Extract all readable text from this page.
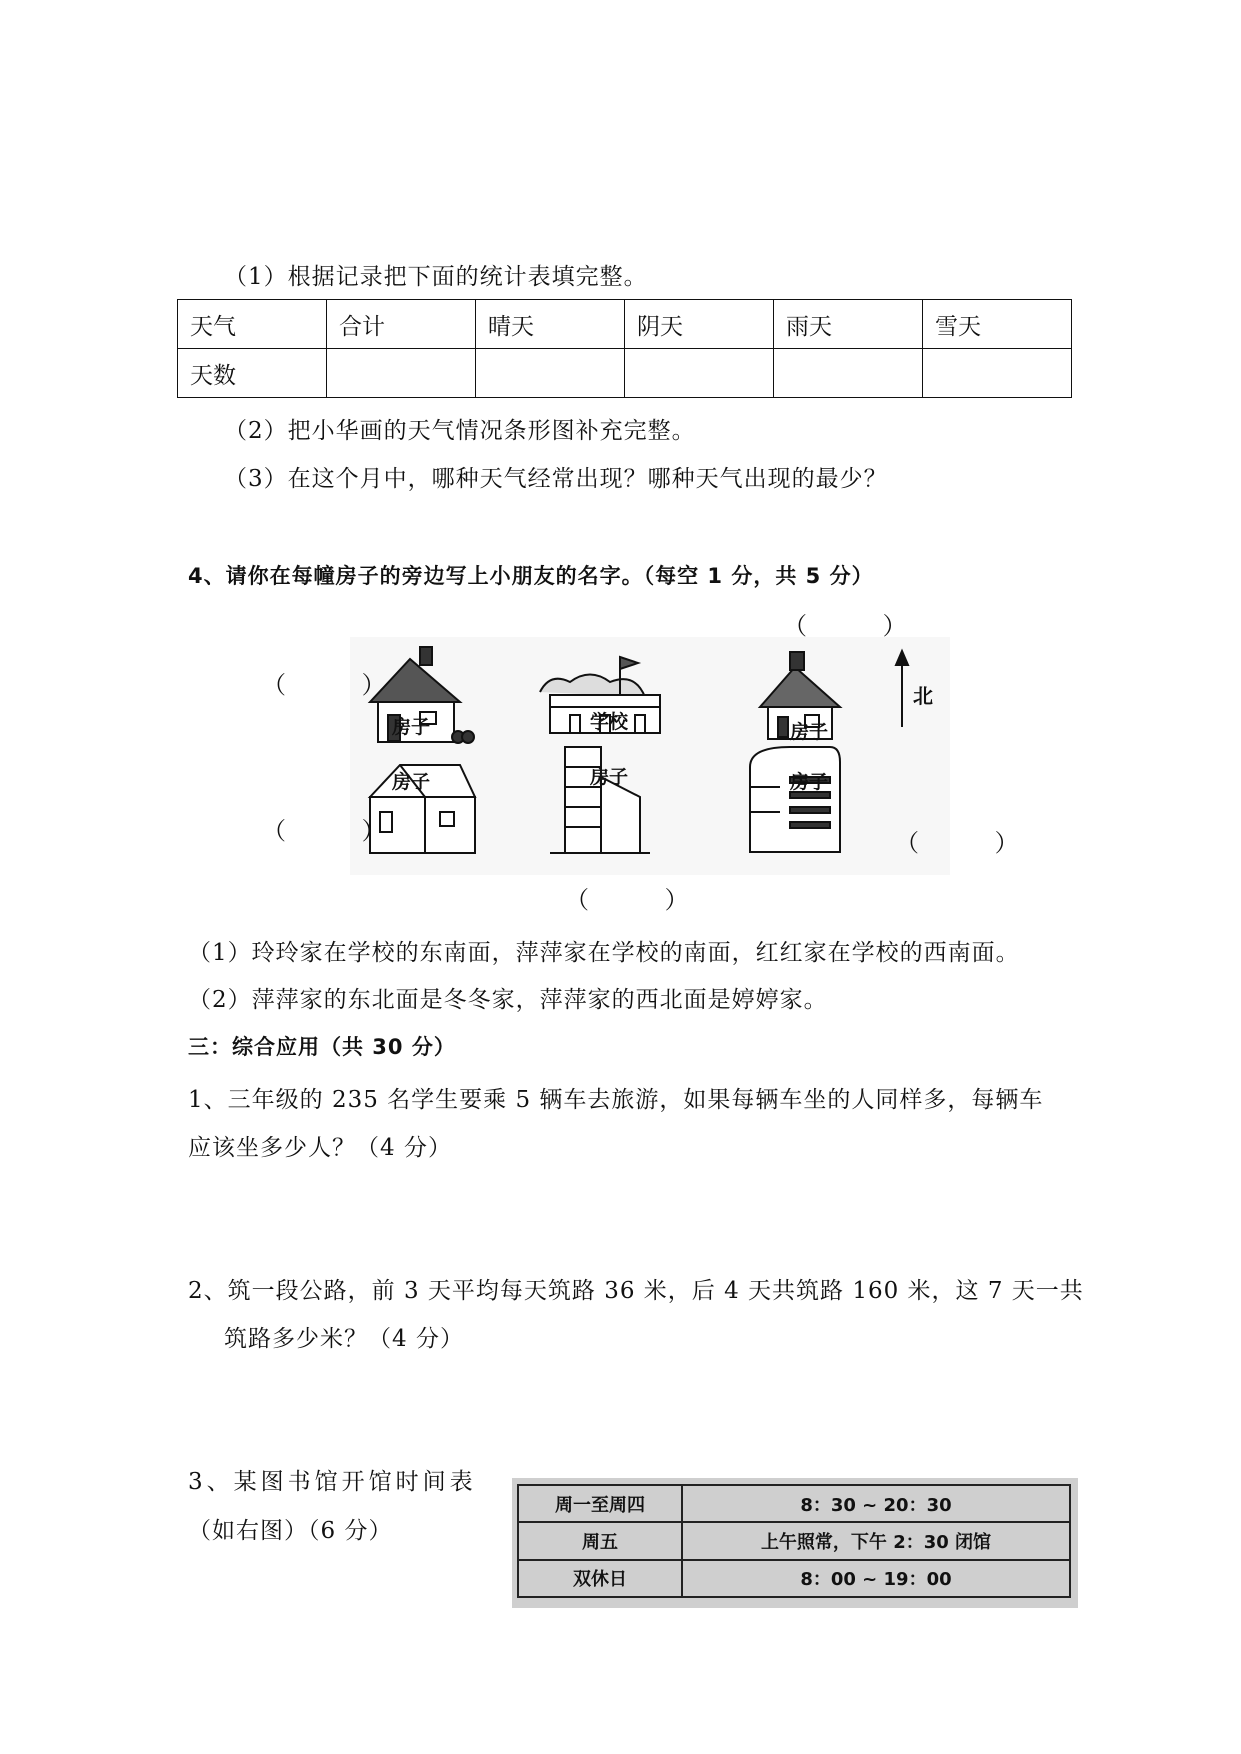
（1）根据记录把下面的统计表填完整。
天气	合计	晴天	阴天	雨天	雪天
天数					
（2）把小华画的天气情况条形图补充完整。
（3）在这个月中，哪种天气经常出现？哪种天气出现的最少？
4、请你在每幢房子的旁边写上小朋友的名字。（每空 1 分，共 5 分）
房子	学校	房子
房子	房子	房子
北
（ ）
（ ）
（ ）	（ ）
（ ）
（1）玲玲家在学校的东南面，萍萍家在学校的南面，红红家在学校的西南面。
（2）萍萍家的东北面是冬冬家，萍萍家的西北面是婷婷家。
三：综合应用（共 30 分）
1、三年级的 235 名学生要乘 5 辆车去旅游，如果每辆车坐的人同样多，每辆车
应该坐多少人？（4 分）
2、筑一段公路，前 3 天平均每天筑路 36 米，后 4 天共筑路 160 米，这 7 天一共
筑路多少米？（4 分）
3、某图书馆开馆时间表
（如右图）（6 分）
周一至周四	8：30 ~ 20：30
周五	上午照常，下午 2：30 闭馆
双休日	8：00 ~ 19：00
